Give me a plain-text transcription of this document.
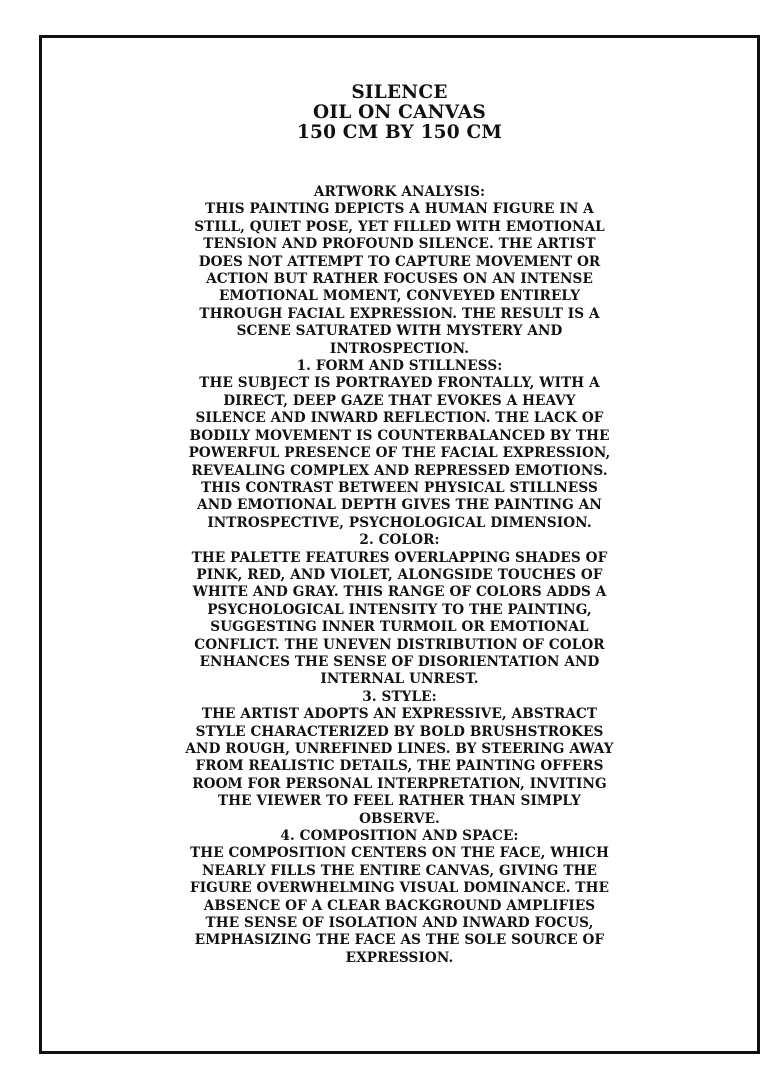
SILENCE
OIL ON CANVAS
150 CM BY 150 CM
ARTWORK ANALYSIS:
THIS PAINTING DEPICTS A HUMAN FIGURE IN A
STILL, QUIET POSE, YET FILLED WITH EMOTIONAL
TENSION AND PROFOUND SILENCE. THE ARTIST
DOES NOT ATTEMPT TO CAPTURE MOVEMENT OR
ACTION BUT RATHER FOCUSES ON AN INTENSE
EMOTIONAL MOMENT, CONVEYED ENTIRELY
THROUGH FACIAL EXPRESSION. THE RESULT IS A
SCENE SATURATED WITH MYSTERY AND
INTROSPECTION.
1. FORM AND STILLNESS:
THE SUBJECT IS PORTRAYED FRONTALLY, WITH A
DIRECT, DEEP GAZE THAT EVOKES A HEAVY
SILENCE AND INWARD REFLECTION. THE LACK OF
BODILY MOVEMENT IS COUNTERBALANCED BY THE
POWERFUL PRESENCE OF THE FACIAL EXPRESSION,
REVEALING COMPLEX AND REPRESSED EMOTIONS.
THIS CONTRAST BETWEEN PHYSICAL STILLNESS
AND EMOTIONAL DEPTH GIVES THE PAINTING AN
INTROSPECTIVE, PSYCHOLOGICAL DIMENSION.
2. COLOR:
THE PALETTE FEATURES OVERLAPPING SHADES OF
PINK, RED, AND VIOLET, ALONGSIDE TOUCHES OF
WHITE AND GRAY. THIS RANGE OF COLORS ADDS A
PSYCHOLOGICAL INTENSITY TO THE PAINTING,
SUGGESTING INNER TURMOIL OR EMOTIONAL
CONFLICT. THE UNEVEN DISTRIBUTION OF COLOR
ENHANCES THE SENSE OF DISORIENTATION AND
INTERNAL UNREST.
3. STYLE:
THE ARTIST ADOPTS AN EXPRESSIVE, ABSTRACT
STYLE CHARACTERIZED BY BOLD BRUSHSTROKES
AND ROUGH, UNREFINED LINES. BY STEERING AWAY
FROM REALISTIC DETAILS, THE PAINTING OFFERS
ROOM FOR PERSONAL INTERPRETATION, INVITING
THE VIEWER TO FEEL RATHER THAN SIMPLY
OBSERVE.
4. COMPOSITION AND SPACE:
THE COMPOSITION CENTERS ON THE FACE, WHICH
NEARLY FILLS THE ENTIRE CANVAS, GIVING THE
FIGURE OVERWHELMING VISUAL DOMINANCE. THE
ABSENCE OF A CLEAR BACKGROUND AMPLIFIES
THE SENSE OF ISOLATION AND INWARD FOCUS,
EMPHASIZING THE FACE AS THE SOLE SOURCE OF
EXPRESSION.
